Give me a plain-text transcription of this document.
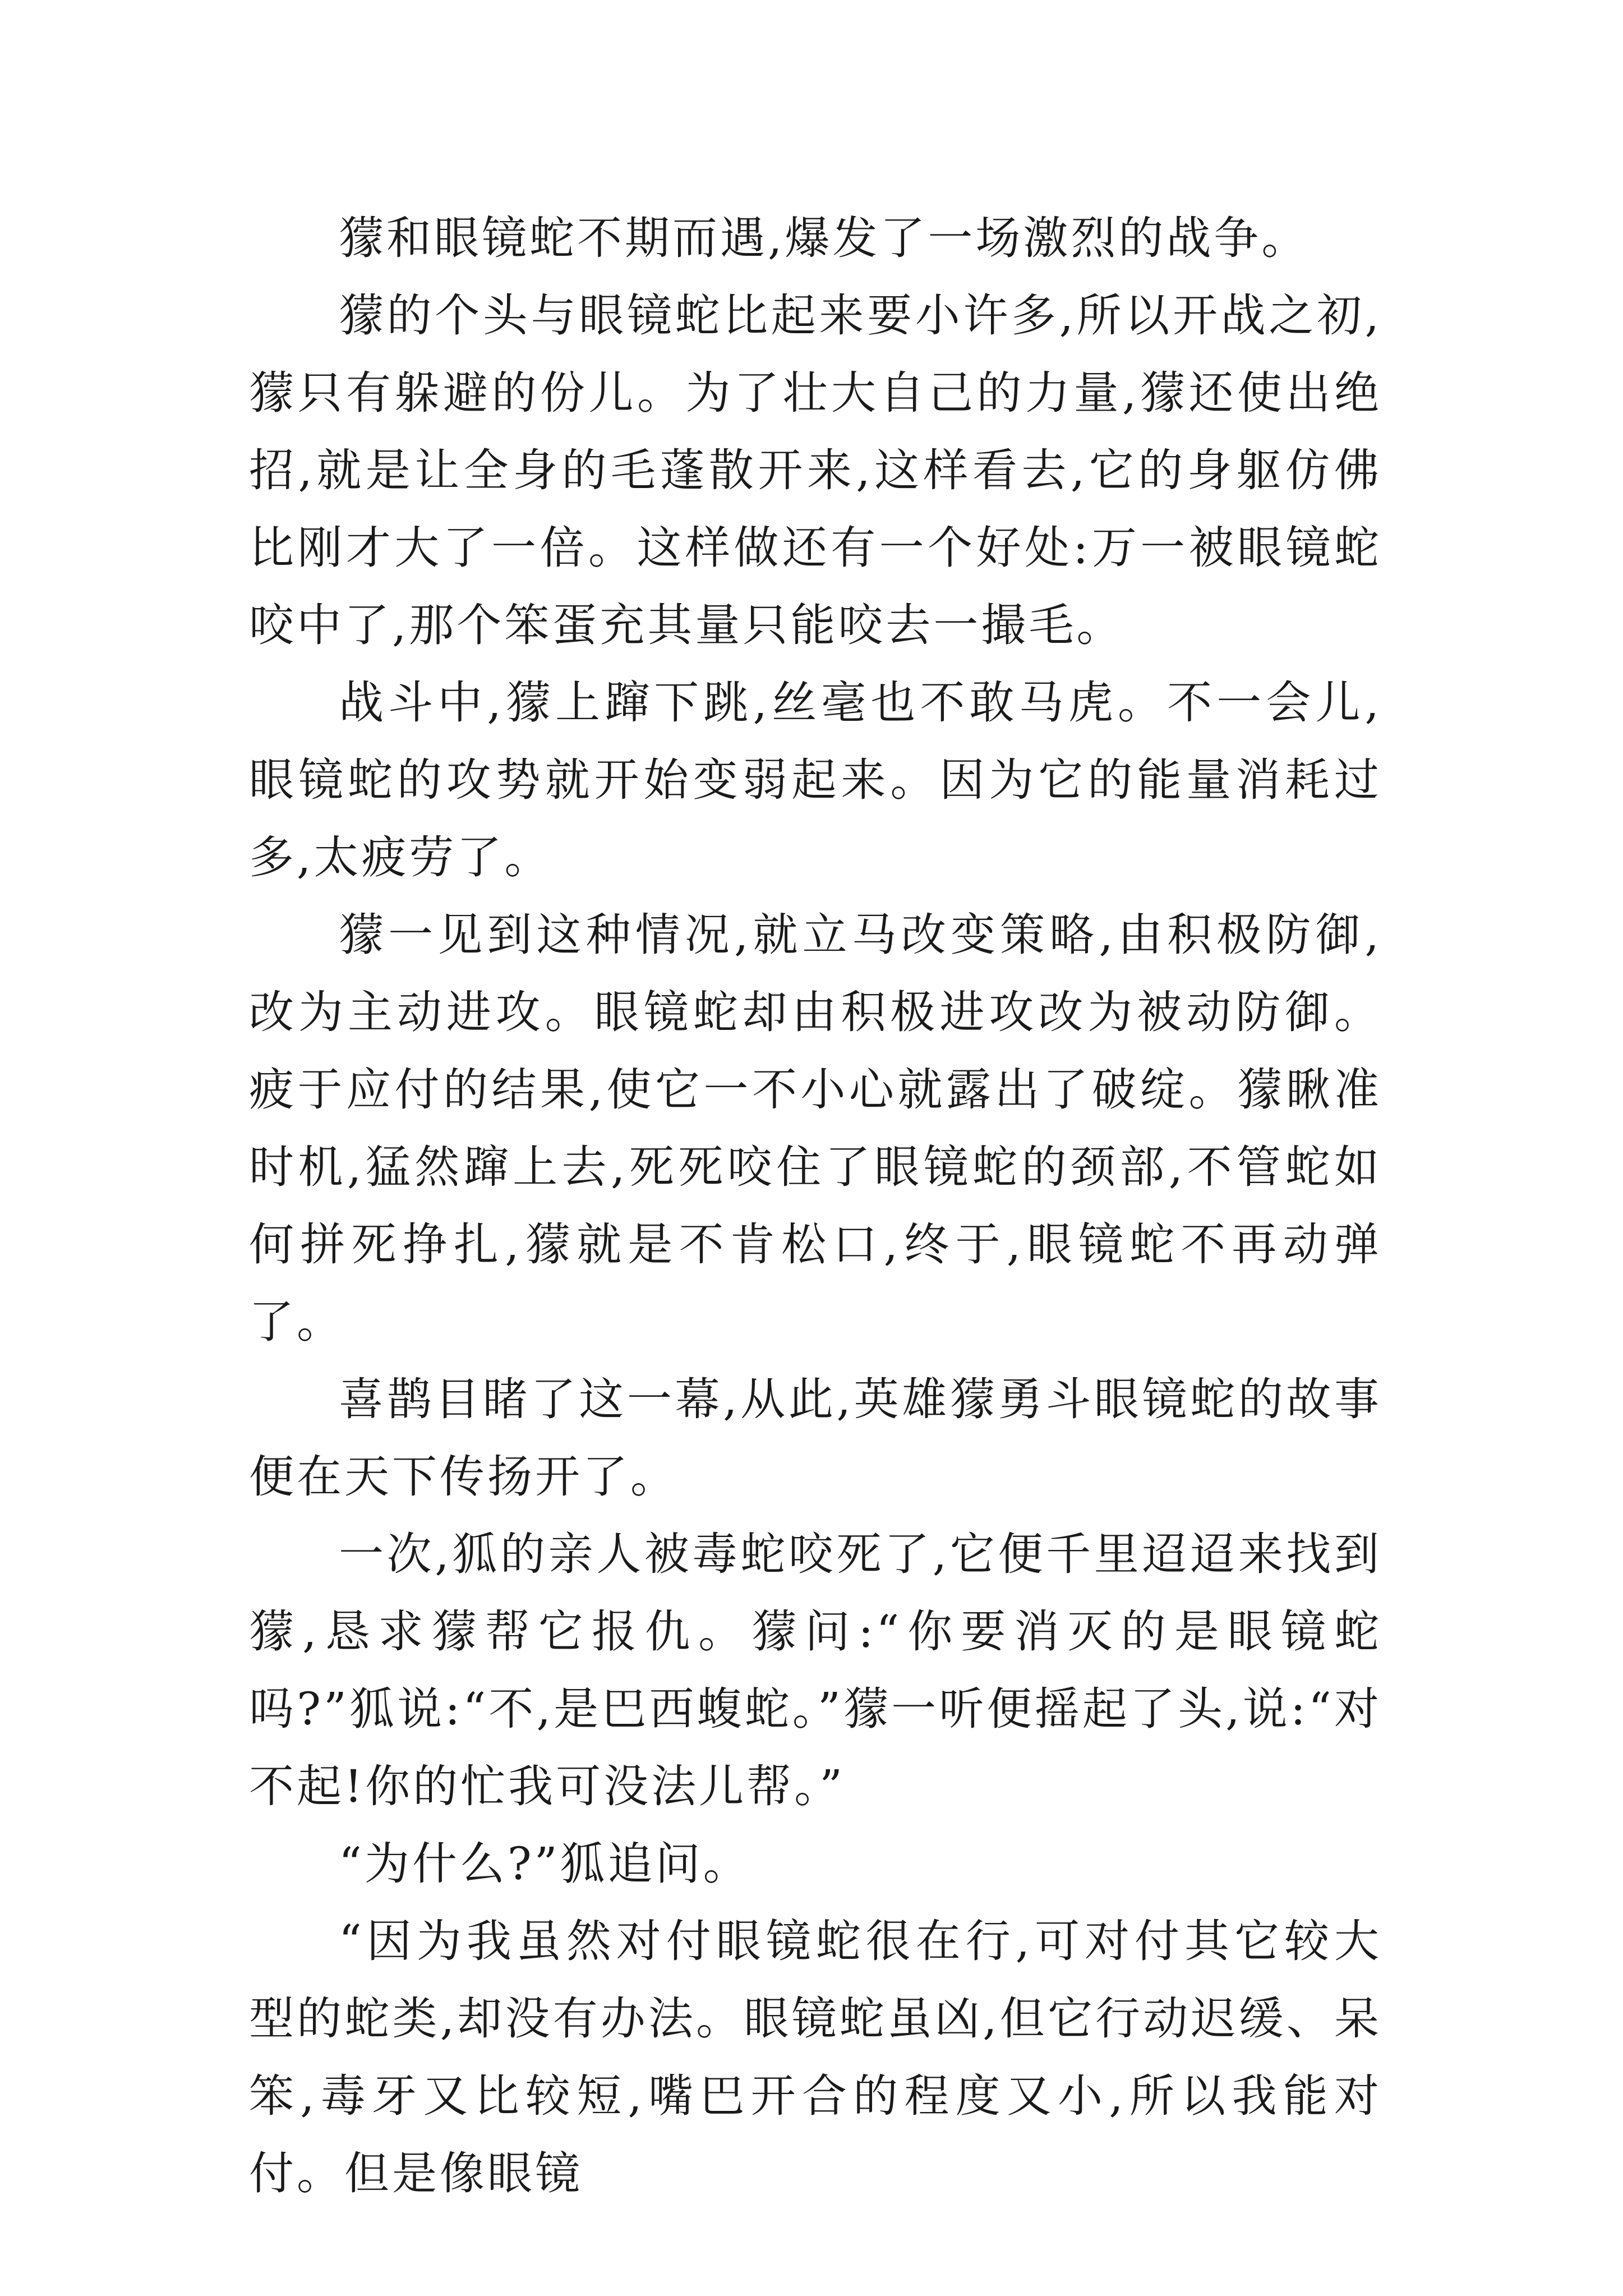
獴和眼镜蛇不期而遇,爆发了一场激烈的战争。

獴的个头与眼镜蛇比起来要小许多,所以开战之初,獴只有躲避的份儿。为了壮大自己的力量,獴还使出绝招,就是让全身的毛蓬散开来,这样看去,它的身躯仿佛比刚才大了一倍。这样做还有一个好处:万一被眼镜蛇咬中了,那个笨蛋充其量只能咬去一撮毛。

战斗中,獴上蹿下跳,丝毫也不敢马虎。不一会儿,眼镜蛇的攻势就开始变弱起来。因为它的能量消耗过多,太疲劳了。

獴一见到这种情况,就立马改变策略,由积极防御,改为主动进攻。眼镜蛇却由积极进攻改为被动防御。疲于应付的结果,使它一不小心就露出了破绽。獴瞅准时机,猛然蹿上去,死死咬住了眼镜蛇的颈部,不管蛇如何拼死挣扎,獴就是不肯松口,终于,眼镜蛇不再动弹了。

喜鹊目睹了这一幕,从此,英雄獴勇斗眼镜蛇的故事便在天下传扬开了。

一次,狐的亲人被毒蛇咬死了,它便千里迢迢来找到獴,恳求獴帮它报仇。獴问:“你要消灭的是眼镜蛇吗?”狐说:“不,是巴西蝮蛇。”獴一听便摇起了头,说:“对不起!你的忙我可没法儿帮。”

“为什么?”狐追问。

“因为我虽然对付眼镜蛇很在行,可对付其它较大型的蛇类,却没有办法。眼镜蛇虽凶,但它行动迟缓、呆笨,毒牙又比较短,嘴巴开合的程度又小,所以我能对付。但是像眼镜
